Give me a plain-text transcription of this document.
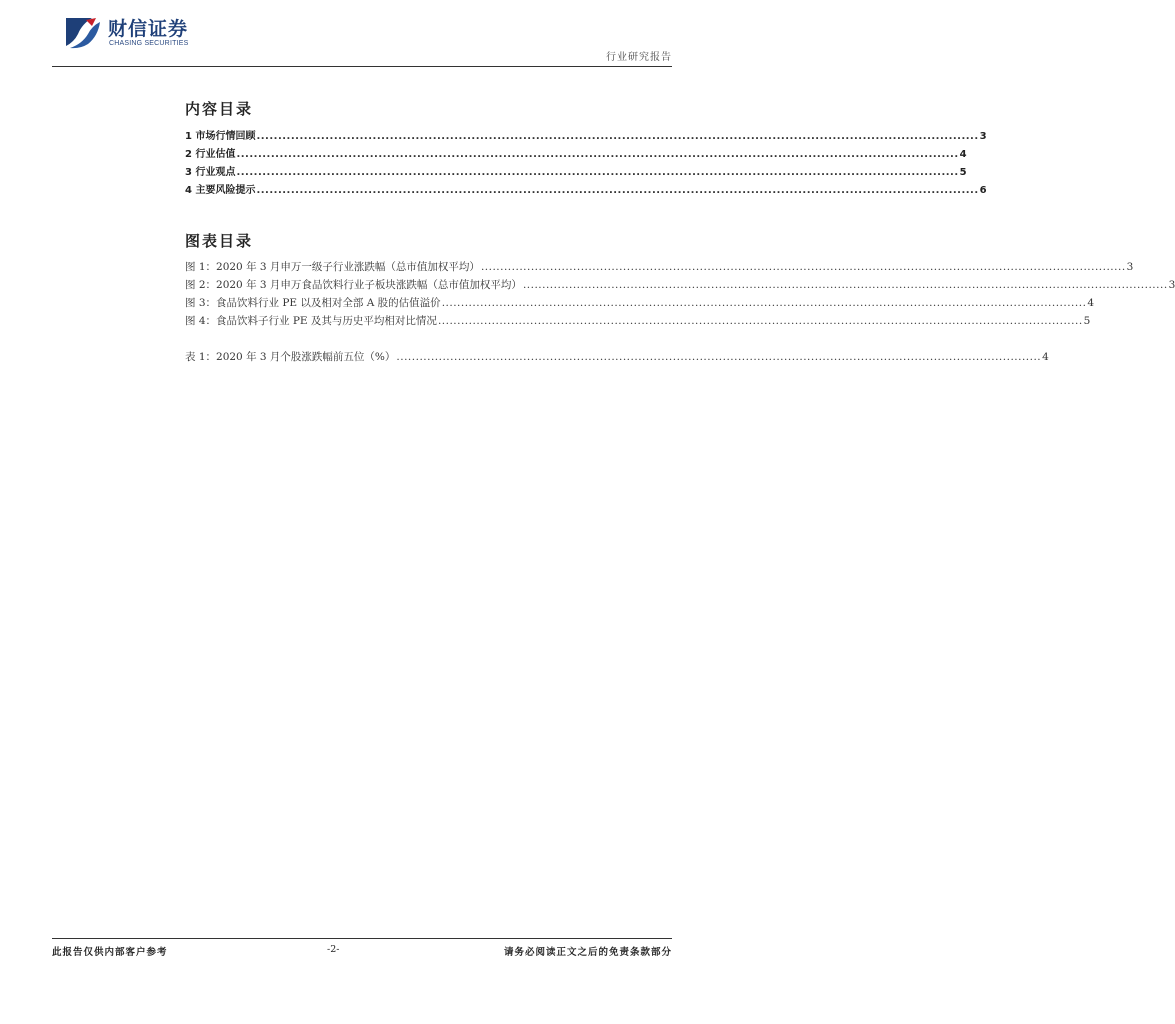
财信证券
CHASING SECURITIES
行业研究报告
内容目录
1 市场行情回顾 ........................................................................................................................................................................ 3
2 行业估值 ........................................................................................................................................................................ 4
3 行业观点 ........................................................................................................................................................................ 5
4 主要风险提示 ........................................................................................................................................................................ 6
图表目录
图 1：2020 年 3 月申万一级子行业涨跌幅（总市值加权平均） ........................................................................................................................................................................ 3
图 2：2020 年 3 月申万食品饮料行业子板块涨跌幅（总市值加权平均） ........................................................................................................................................................................ 3
图 3：食品饮料行业 PE 以及相对全部 A 股的估值溢价 ........................................................................................................................................................................ 4
图 4：食品饮料子行业 PE 及其与历史平均相对比情况 ........................................................................................................................................................................ 5
表 1：2020 年 3 月个股涨跌幅前五位（%） ........................................................................................................................................................................ 4
此报告仅供内部客户参考	-2-	请务必阅读正文之后的免责条款部分
